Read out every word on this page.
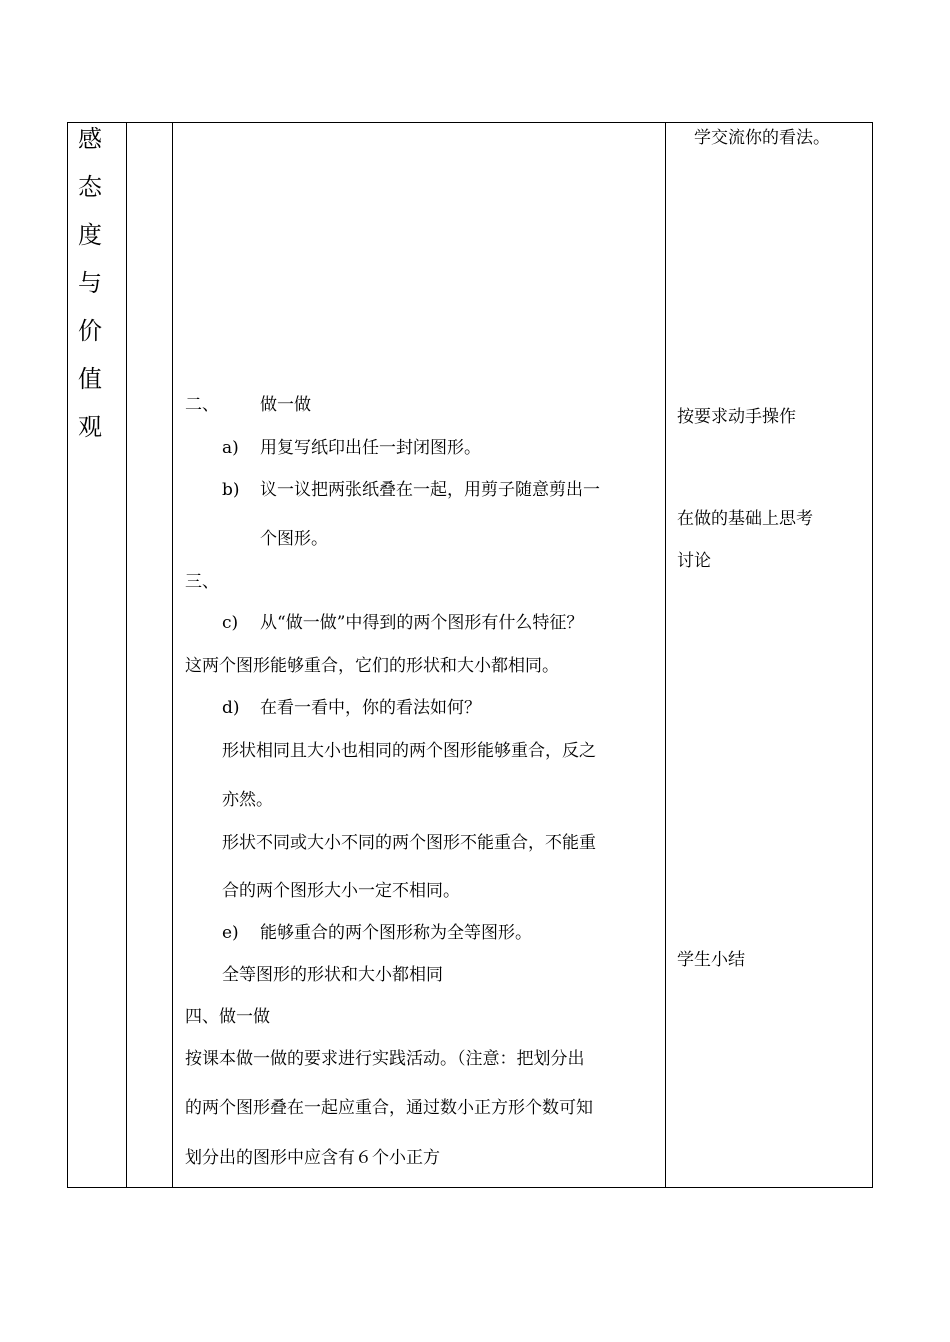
感
态
度
与
价
值
观
二、 做一做
a) 用复写纸印出任一封闭图形。
b) 议一议把两张纸叠在一起，用剪子随意剪出一
个图形。
三、
c) 从“做一做”中得到的两个图形有什么特征？
这两个图形能够重合，它们的形状和大小都相同。
d) 在看一看中，你的看法如何？
形状相同且大小也相同的两个图形能够重合，反之
亦然。
形状不同或大小不同的两个图形不能重合，不能重
合的两个图形大小一定不相同。
e) 能够重合的两个图形称为全等图形。
全等图形的形状和大小都相同
四、做一做
按课本做一做的要求进行实践活动。（注意：把划分出
的两个图形叠在一起应重合，通过数小正方形个数可知
划分出的图形中应含有６个小正方
学交流你的看法。
按要求动手操作
在做的基础上思考
讨论
学生小结
